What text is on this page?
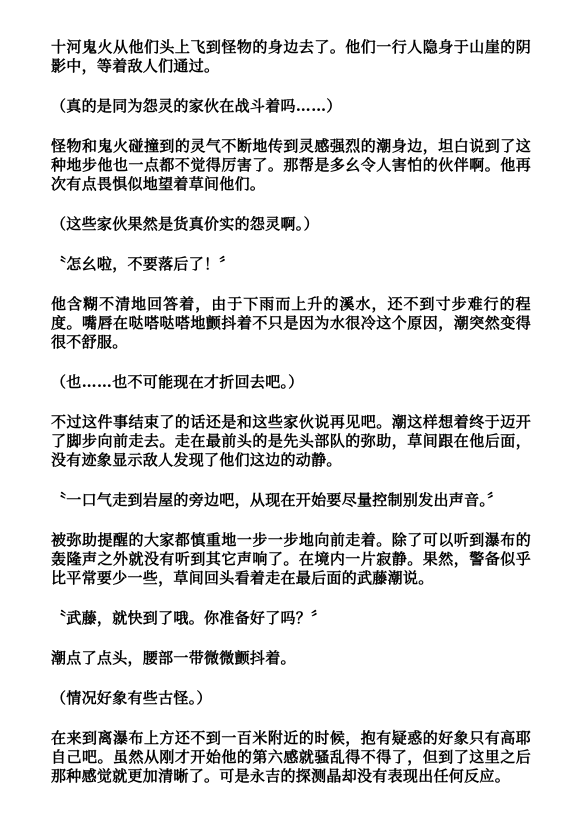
十河鬼火从他们头上飞到怪物的身边去了。他们一行人隐身于山崖的阴影中，等着敌人们通过。

（真的是同为怨灵的家伙在战斗着吗……）

怪物和鬼火碰撞到的灵气不断地传到灵感强烈的潮身边，坦白说到了这种地步他也一点都不觉得厉害了。那帮是多幺令人害怕的伙伴啊。他再次有点畏惧似地望着草间他们。

（这些家伙果然是货真价实的怨灵啊。）

〝怎幺啦，不要落后了！〞

他含糊不清地回答着，由于下雨而上升的溪水，还不到寸步难行的程度。嘴唇在哒嗒哒嗒地颤抖着不只是因为水很冷这个原因，潮突然变得很不舒服。

（也……也不可能现在才折回去吧。）

不过这件事结束了的话还是和这些家伙说再见吧。潮这样想着终于迈开了脚步向前走去。走在最前头的是先头部队的弥助，草间跟在他后面，没有迹象显示敌人发现了他们这边的动静。

〝一口气走到岩屋的旁边吧，从现在开始要尽量控制别发出声音。〞

被弥助提醒的大家都慎重地一步一步地向前走着。除了可以听到瀑布的轰隆声之外就没有听到其它声响了。在境内一片寂静。果然，警备似乎比平常要少一些，草间回头看着走在最后面的武藤潮说。

〝武藤，就快到了哦。你准备好了吗？〞

潮点了点头，腰部一带微微颤抖着。

（情况好象有些古怪。）

在来到离瀑布上方还不到一百米附近的时候，抱有疑惑的好象只有高耶自己吧。虽然从刚才开始他的第六感就骚乱得不得了，但到了这里之后那种感觉就更加清晰了。可是永吉的探测晶却没有表现出任何反应。
